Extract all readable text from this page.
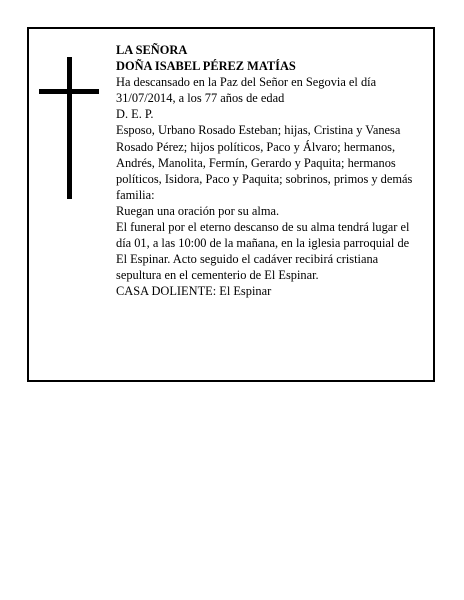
LA SEÑORA

DOÑA ISABEL PÉREZ MATÍAS

Ha descansado en la Paz del Señor en Segovia el día 31/07/2014, a los 77 años de edad

D. E. P.

Esposo, Urbano Rosado Esteban; hijas, Cristina y Vanesa Rosado Pérez; hijos políticos, Paco y Álvaro; hermanos, Andrés, Manolita, Fermín, Gerardo y Paquita; hermanos políticos, Isidora, Paco y Paquita; sobrinos, primos y demás familia:

Ruegan una oración por su alma.

El funeral por el eterno descanso de su alma tendrá lugar el día 01, a las 10:00 de la mañana, en la iglesia parroquial de El Espinar. Acto seguido el cadáver recibirá cristiana sepultura en el cementerio de El Espinar.

CASA DOLIENTE: El Espinar
